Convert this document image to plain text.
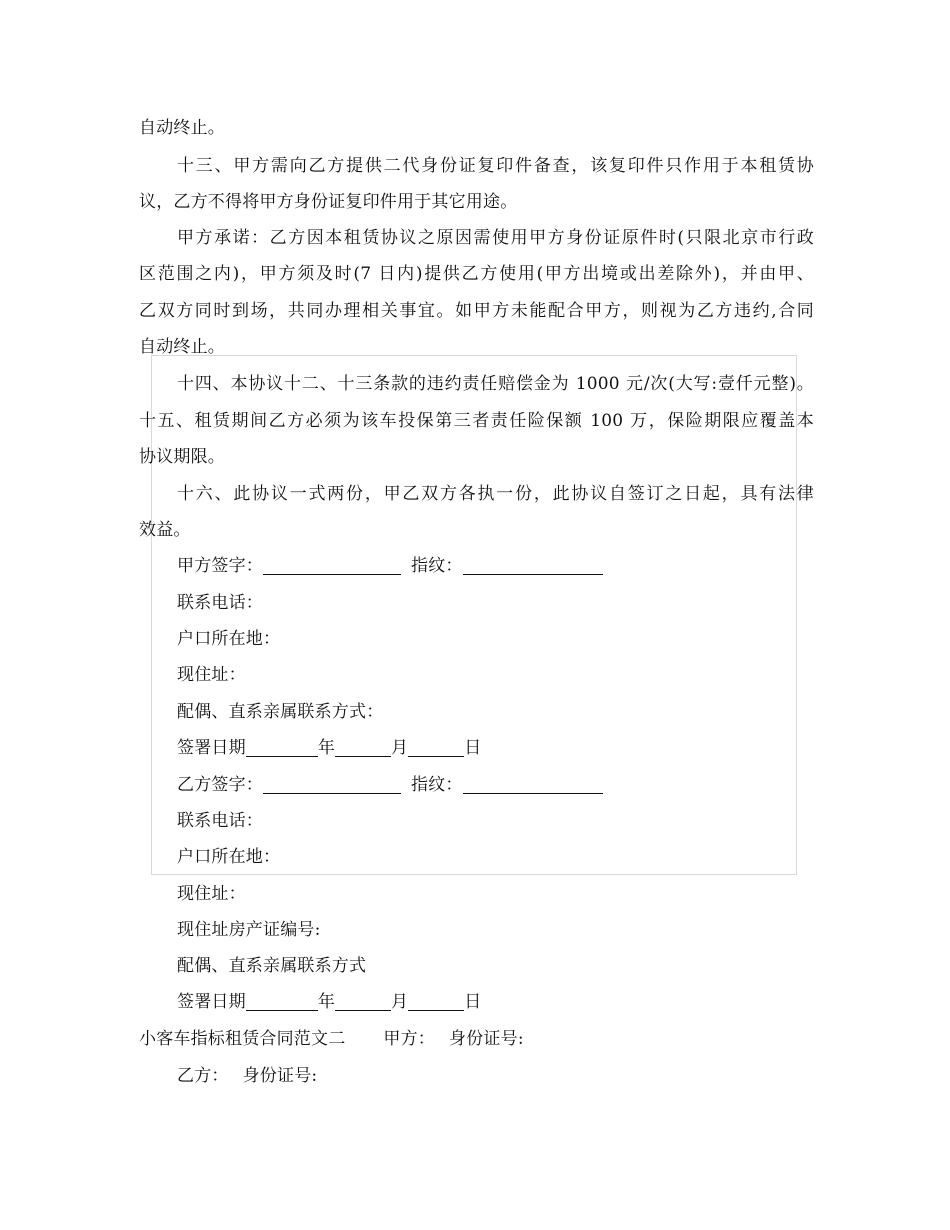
自动终止。
十三、甲方需向乙方提供二代身份证复印件备查，该复印件只作用于本租赁协
议，乙方不得将甲方身份证复印件用于其它用途。
甲方承诺：乙方因本租赁协议之原因需使用甲方身份证原件时(只限北京市行政
区范围之内)，甲方须及时(7 日内)提供乙方使用(甲方出境或出差除外)，并由甲、
乙双方同时到场，共同办理相关事宜。如甲方未能配合甲方，则视为乙方违约,合同
自动终止。
十四、本协议十二、十三条款的违约责任赔偿金为 1000 元/次(大写:壹仟元整)。
十五、租赁期间乙方必须为该车投保第三者责任险保额 100 万，保险期限应覆盖本
协议期限。
十六、此协议一式两份，甲乙双方各执一份，此协议自签订之日起，具有法律
效益。
甲方签字：	指纹：
联系电话：
户口所在地：
现住址：
配偶、直系亲属联系方式：
签署日期	年	月	日
乙方签字：	指纹：
联系电话：
户口所在地：
现住址：
现住址房产证编号:
配偶、直系亲属联系方式
签署日期	年	月	日
小客车指标租赁合同范文二 甲方： 身份证号:
乙方： 身份证号:
